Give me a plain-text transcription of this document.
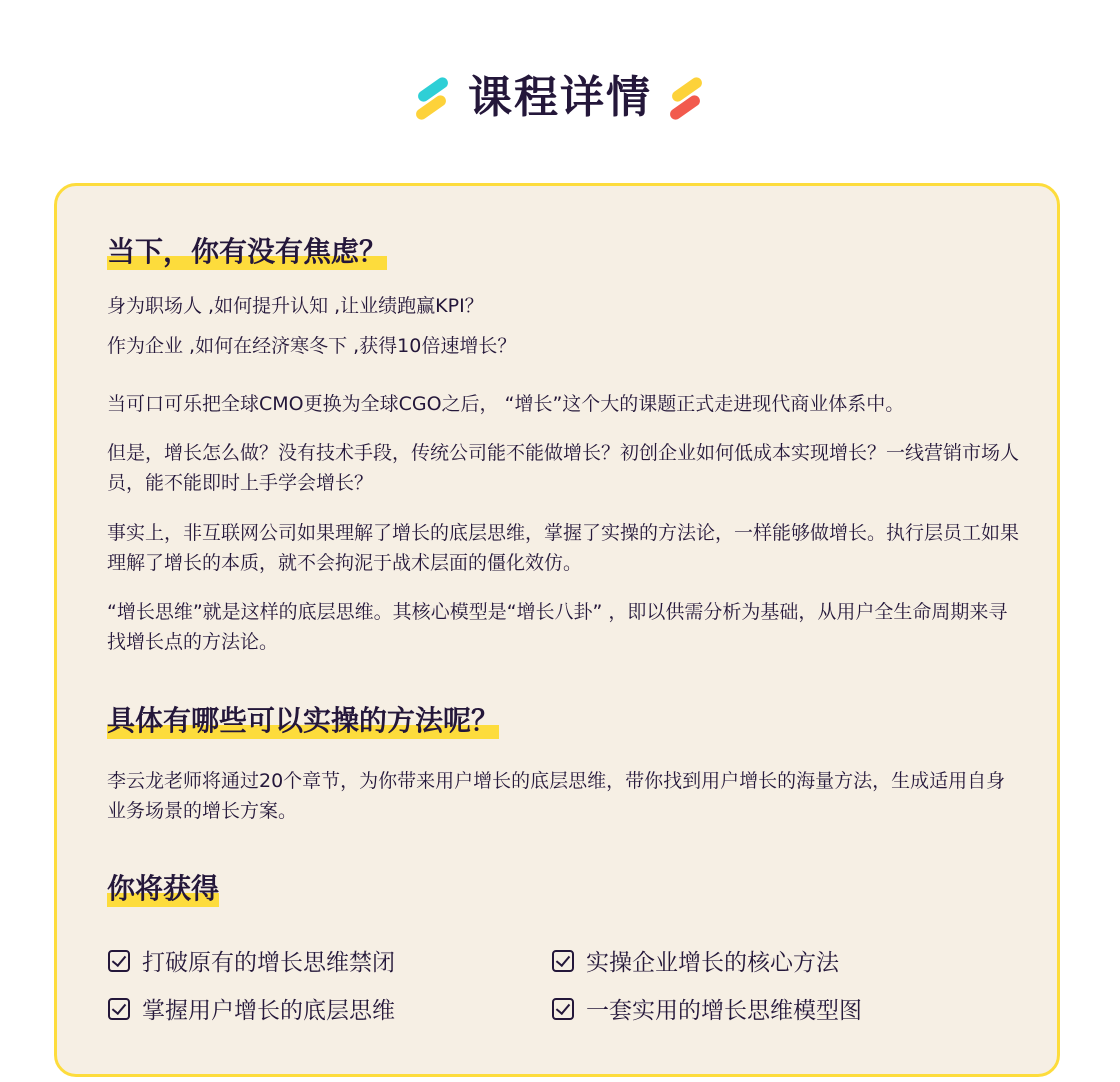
课程详情
当下，你有没有焦虑？

身为职场人 ,如何提升认知 ,让业绩跑赢KPI？

作为企业 ,如何在经济寒冬下 ,获得10倍速增长？

当可口可乐把全球CMO更换为全球CGO之后， “增长”这个大的课题正式走进现代商业体系中。

但是，增长怎么做？没有技术手段，传统公司能不能做增长？初创企业如何低成本实现增长？一线营销市场人员，能不能即时上手学会增长？

事实上，非互联网公司如果理解了增长的底层思维，掌握了实操的方法论，一样能够做增长。执行层员工如果理解了增长的本质，就不会拘泥于战术层面的僵化效仿。

“增长思维”就是这样的底层思维。其核心模型是“增长八卦” ，即以供需分析为基础，从用户全生命周期来寻找增长点的方法论。

具体有哪些可以实操的方法呢？

李云龙老师将通过20个章节，为你带来用户增长的底层思维，带你找到用户增长的海量方法，生成适用自身业务场景的增长方案。

你将获得
打破原有的增长思维禁闭	实操企业增长的核心方法
掌握用户增长的底层思维	一套实用的增长思维模型图
